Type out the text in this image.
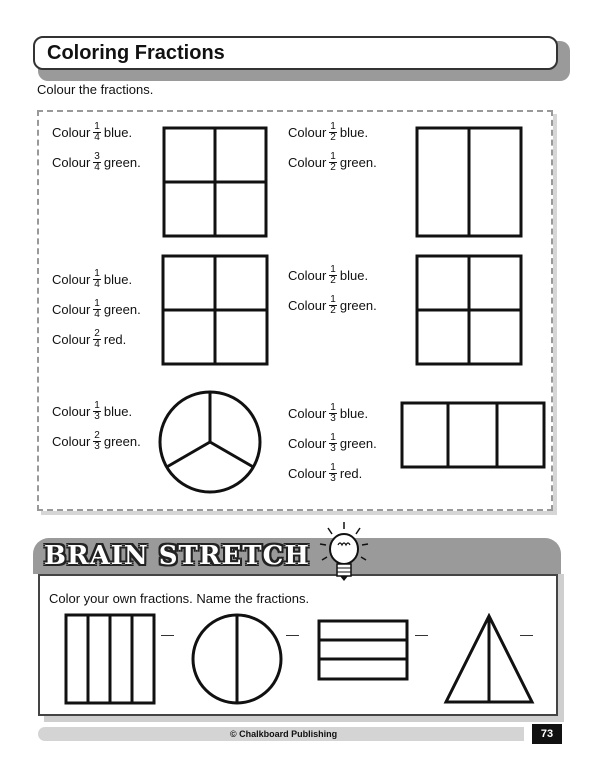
Coloring Fractions
Colour the fractions.
Colour $\frac{1}{4}$ blue.
Colour $\frac{3}{4}$ green.
Colour $\frac{1}{2}$ blue.
Colour $\frac{1}{2}$ green.
Colour $\frac{1}{4}$ blue.
Colour $\frac{1}{4}$ green.
Colour $\frac{2}{4}$ red.
Colour $\frac{1}{2}$ blue.
Colour $\frac{1}{2}$ green.
Colour $\frac{1}{3}$ blue.
Colour $\frac{2}{3}$ green.
Colour $\frac{1}{3}$ blue.
Colour $\frac{1}{3}$ green.
Colour $\frac{1}{3}$ red.
BRAIN STRETCH
Color your own fractions. Name the fractions.
—	—	—	—
© Chalkboard Publishing	73
